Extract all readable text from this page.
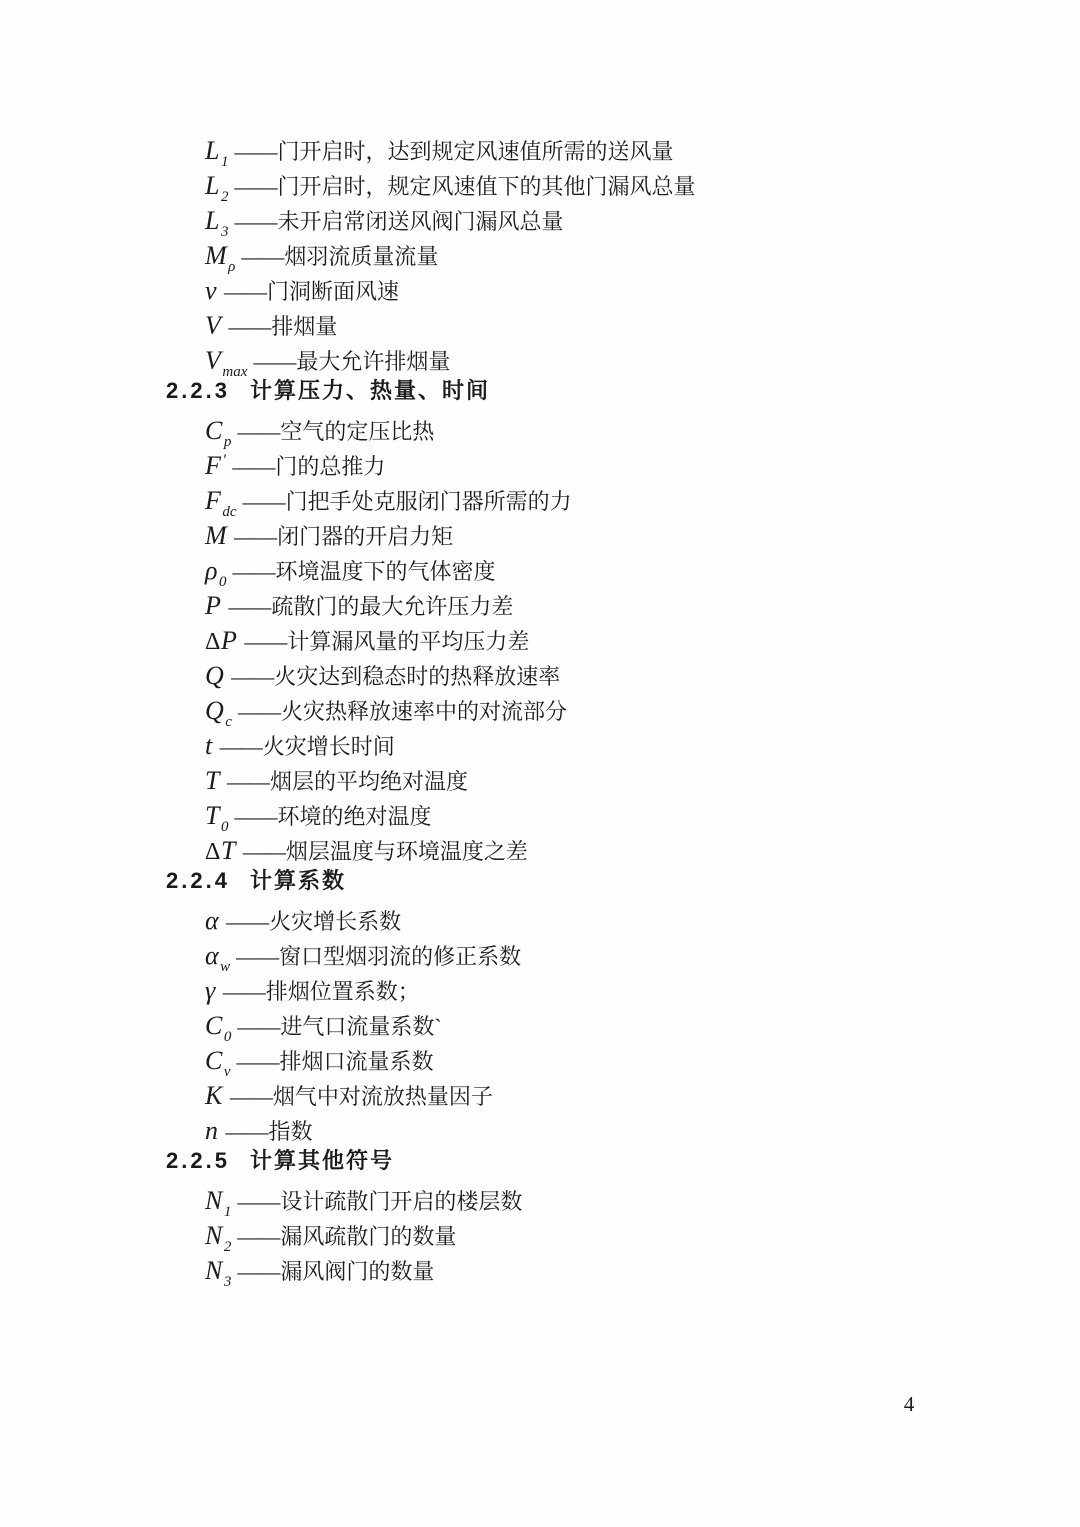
$L_1$ ——门开启时，达到规定风速值所需的送风量
$L_2$ ——门开启时，规定风速值下的其他门漏风总量
$L_3$ ——未开启常闭送风阀门漏风总量
$M_\rho$ ——烟羽流质量流量
v ——门洞断面风速
V ——排烟量
$V_{max}$ ——最大允许排烟量
2.2.3 计算压力、热量、时间
$C_p$ ——空气的定压比热
F ′ ——门的总推力
$F_{dc}$ ——门把手处克服闭门器所需的力
M ——闭门器的开启力矩
$\rho_0$ ——环境温度下的气体密度
P ——疏散门的最大允许压力差
ΔP ——计算漏风量的平均压力差
Q ——火灾达到稳态时的热释放速率
$Q_c$ ——火灾热释放速率中的对流部分
t ——火灾增长时间
T ——烟层的平均绝对温度
$T_0$ ——环境的绝对温度
ΔT ——烟层温度与环境温度之差
2.2.4 计算系数
α ——火灾增长系数
$\alpha_w$ ——窗口型烟羽流的修正系数
γ ——排烟位置系数；
$C_0$ ——进气口流量系数`
$C_v$ ——排烟口流量系数
K ——烟气中对流放热量因子
n ——指数
2.2.5 计算其他符号
$N_1$ ——设计疏散门开启的楼层数
$N_2$ ——漏风疏散门的数量
$N_3$ ——漏风阀门的数量
4
